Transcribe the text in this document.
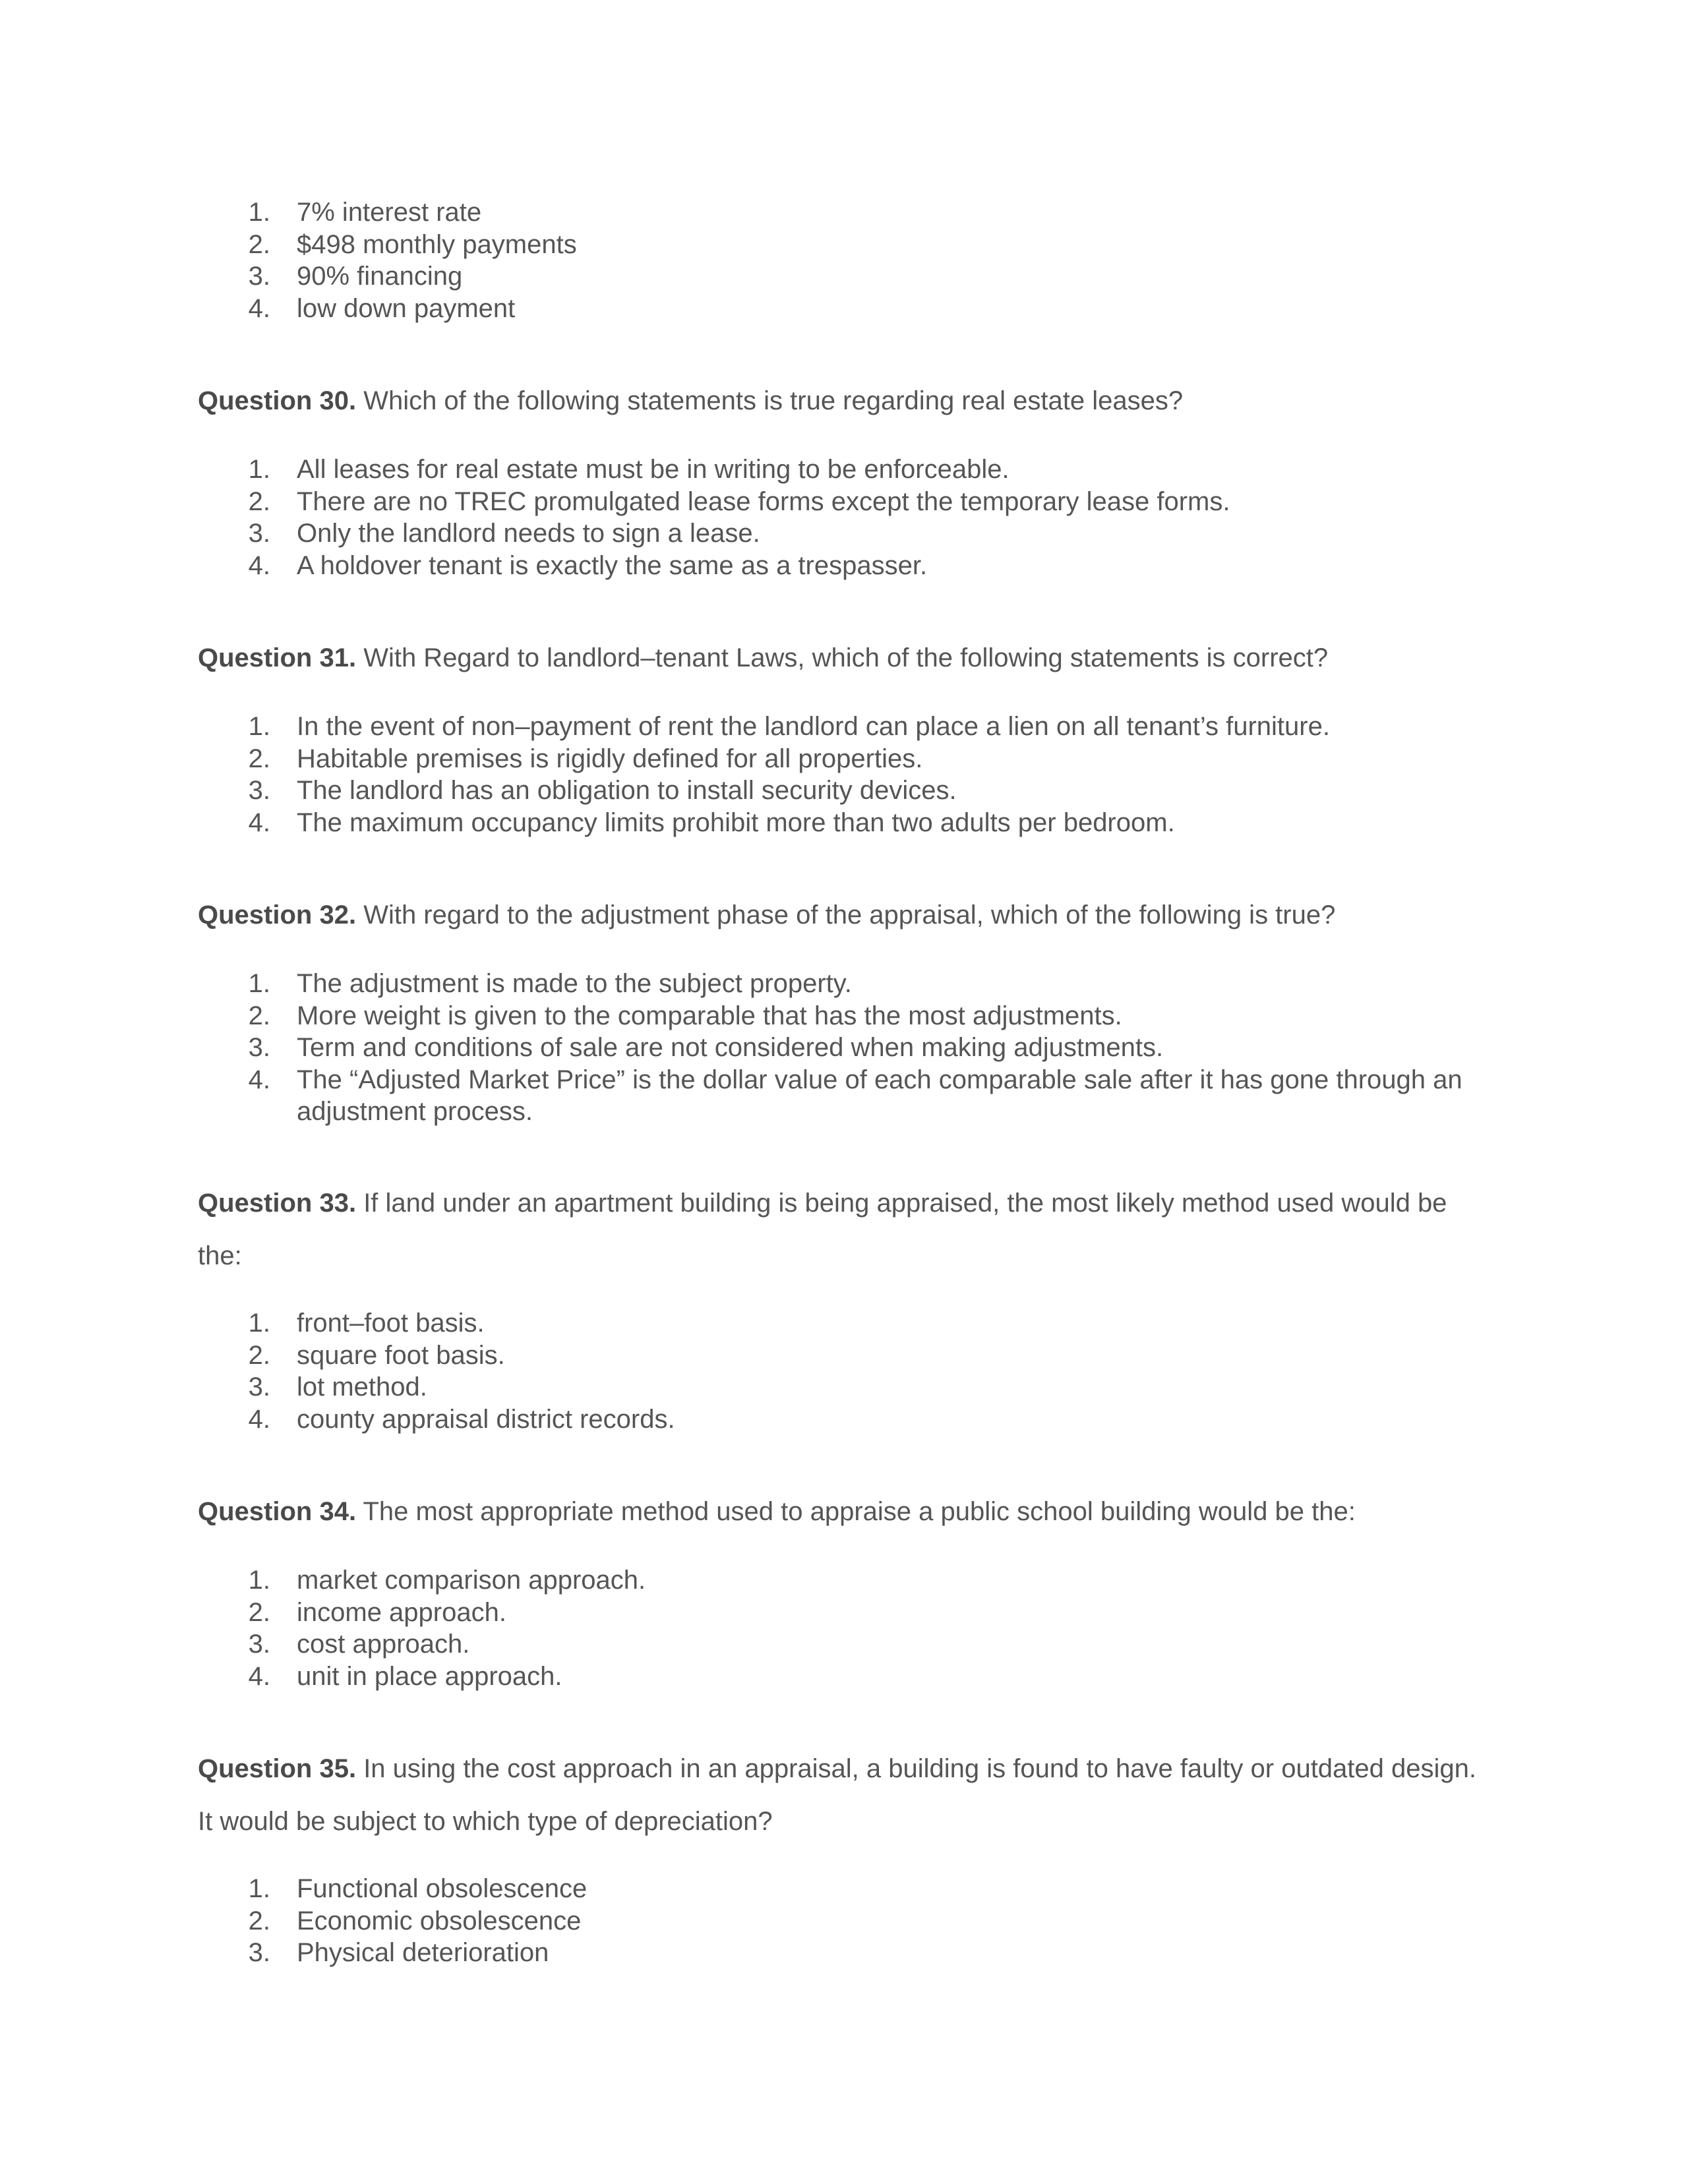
1 . 7% interest rate
2 . $498 monthly payments
3 . 90% financing
4 . low down payment

Question 30. Which of the following statements is true regarding real estate leases?

1 . All leases for real estate must be in writing to be enforceable.
2 . There are no TREC promulgated lease forms except the temporary lease forms.
3 . Only the landlord needs to sign a lease.
4 . A holdover tenant is exactly the same as a trespasser.

Question 31. With Regard to landlord–tenant Laws, which of the following statements is correct?

1 . In the event of non–payment of rent the landlord can place a lien on all tenant’s furniture.
2 . Habitable premises is rigidly defined for all properties.
3 . The landlord has an obligation to install security devices.
4 . The maximum occupancy limits prohibit more than two adults per bedroom.

Question 32. With regard to the adjustment phase of the appraisal, which of the following is true?

1 . The adjustment is made to the subject property.
2 . More weight is given to the comparable that has the most adjustments.
3 . Term and conditions of sale are not considered when making adjustments.
4 . The “Adjusted Market Price” is the dollar value of each comparable sale after it has gone through an adjustment process.

Question 33. If land under an apartment building is being appraised, the most likely method used would be the:

1 . front–foot basis.
2 . square foot basis.
3 . lot method.
4 . county appraisal district records.

Question 34. The most appropriate method used to appraise a public school building would be the:

1 . market comparison approach.
2 . income approach.
3 . cost approach.
4 . unit in place approach.

Question 35. In using the cost approach in an appraisal, a building is found to have faulty or outdated design. It would be subject to which type of depreciation?

1 . Functional obsolescence
2 . Economic obsolescence
3 . Physical deterioration
